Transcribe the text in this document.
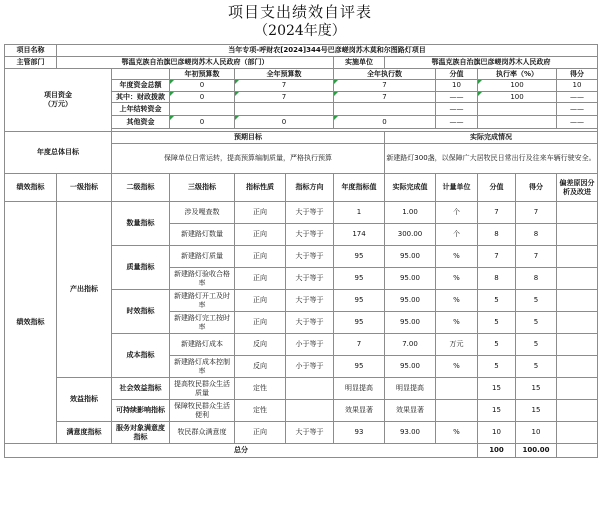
项目支出绩效自评表
（2024年度）
项目名称	当年专项-呼财农[2024]344号巴彦嵯岗苏木莫和尔图路灯项目										
主管部门	鄂温克族自治旗巴彦嵯岗苏木人民政府（部门）					实施单位	鄂温克族自治旗巴彦嵯岗苏木人民政府				
项目资金
（万元）			年初预算数	全年预算数		全年执行数		分值	执行率（%）		得分
		年度资金总额	0	7		7		10	100		10
		其中：财政拨款	0	7		7		——	100		——
		上年结转资金						——			——
		其他资金	0	0		0		——			——

年度总体目标		预期目标					实际完成情况				
		保障单位日常运转，提高预算编制质量，严格执行预算					新建路灯300盏，以保障广大居牧民日常出行及往来车辆行驶安全。				
绩效指标	一级指标	二级指标	三级指标	指标性质	指标方向	年度指标值	实际完成值	计量单位	分值	得分	偏差原因分析及改进
绩效指标	产出指标	数量指标	涉及嘎查数	正向	大于等于	1	1.00	个	7	7	
			新建路灯数量	正向	大于等于	174	300.00	个	8	8	
		质量指标	新建路灯质量	正向	大于等于	95	95.00	%	7	7	
			新建路灯验收合格率	正向	大于等于	95	95.00	%	8	8	
		时效指标	新建路灯开工及时率	正向	大于等于	95	95.00	%	5	5	
			新建路灯完工按时率	正向	大于等于	95	95.00	%	5	5	
		成本指标	新建路灯成本	反向	小于等于	7	7.00	万元	5	5	
			新建路灯成本控制率	反向	小于等于	95	95.00	%	5	5	
	效益指标	社会效益指标	提高牧民群众生活质量	定性		明显提高	明显提高		15	15	
		可持续影响指标	保障牧民群众生活便利	定性		效果显著	效果显著		15	15	
	满意度指标	服务对象满意度指标	牧民群众满意度	正向	大于等于	93	93.00	%	10	10	
总分									100	100.00	
